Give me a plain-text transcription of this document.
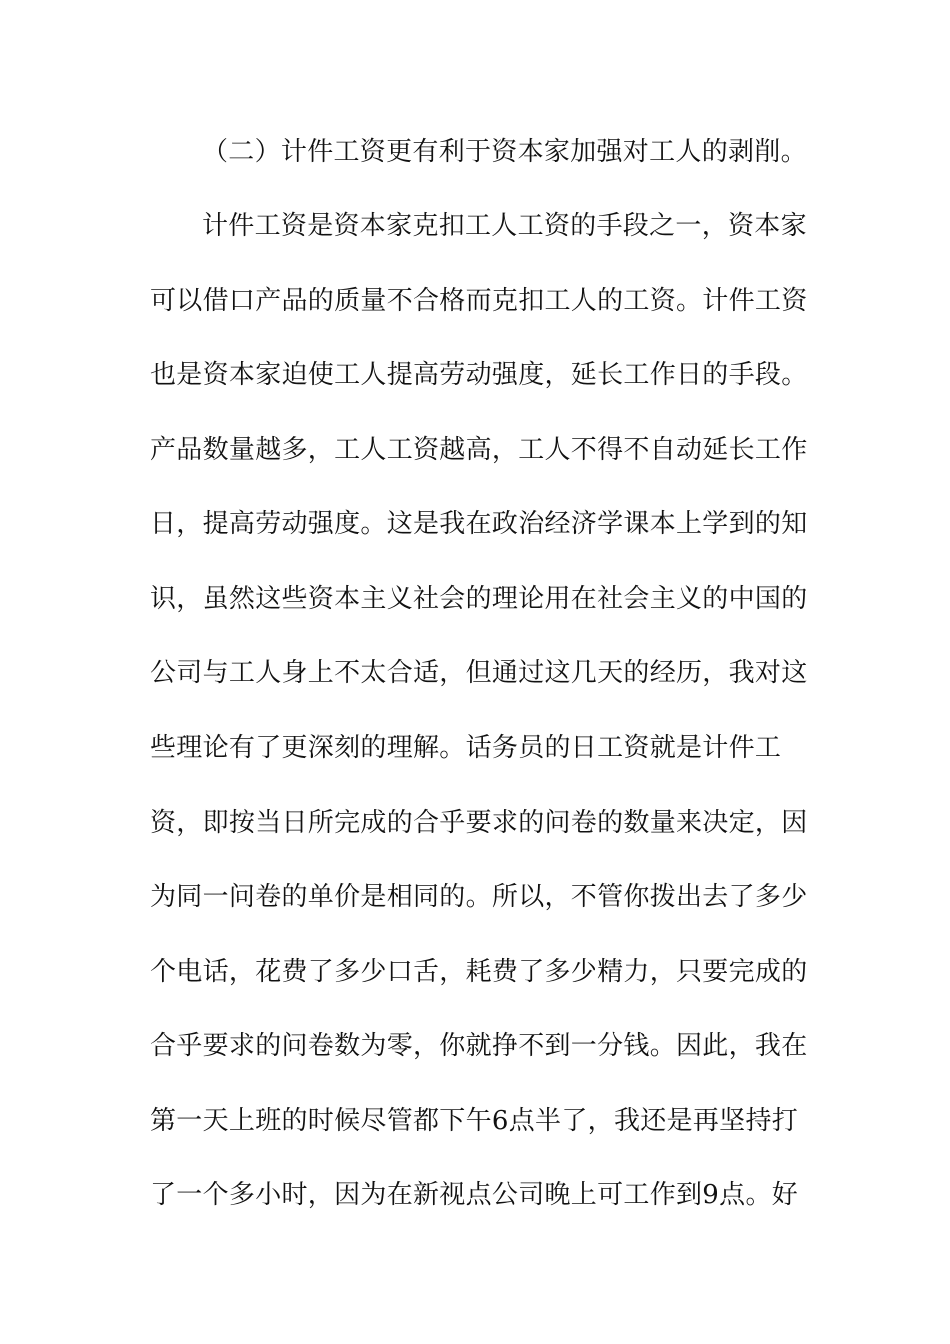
（二）计件工资更有利于资本家加强对工人的剥削。
计件工资是资本家克扣工人工资的手段之一，资本家
可以借口产品的质量不合格而克扣工人的工资。计件工资
也是资本家迫使工人提高劳动强度，延长工作日的手段。
产品数量越多，工人工资越高，工人不得不自动延长工作
日，提高劳动强度。这是我在政治经济学课本上学到的知
识，虽然这些资本主义社会的理论用在社会主义的中国的
公司与工人身上不太合适，但通过这几天的经历，我对这
些理论有了更深刻的理解。话务员的日工资就是计件工
资，即按当日所完成的合乎要求的问卷的数量来决定，因
为同一问卷的单价是相同的。所以，不管你拨出去了多少
个电话，花费了多少口舌，耗费了多少精力，只要完成的
合乎要求的问卷数为零，你就挣不到一分钱。因此，我在
第一天上班的时候尽管都下午6点半了，我还是再坚持打
了一个多小时，因为在新视点公司晚上可工作到9点。好
